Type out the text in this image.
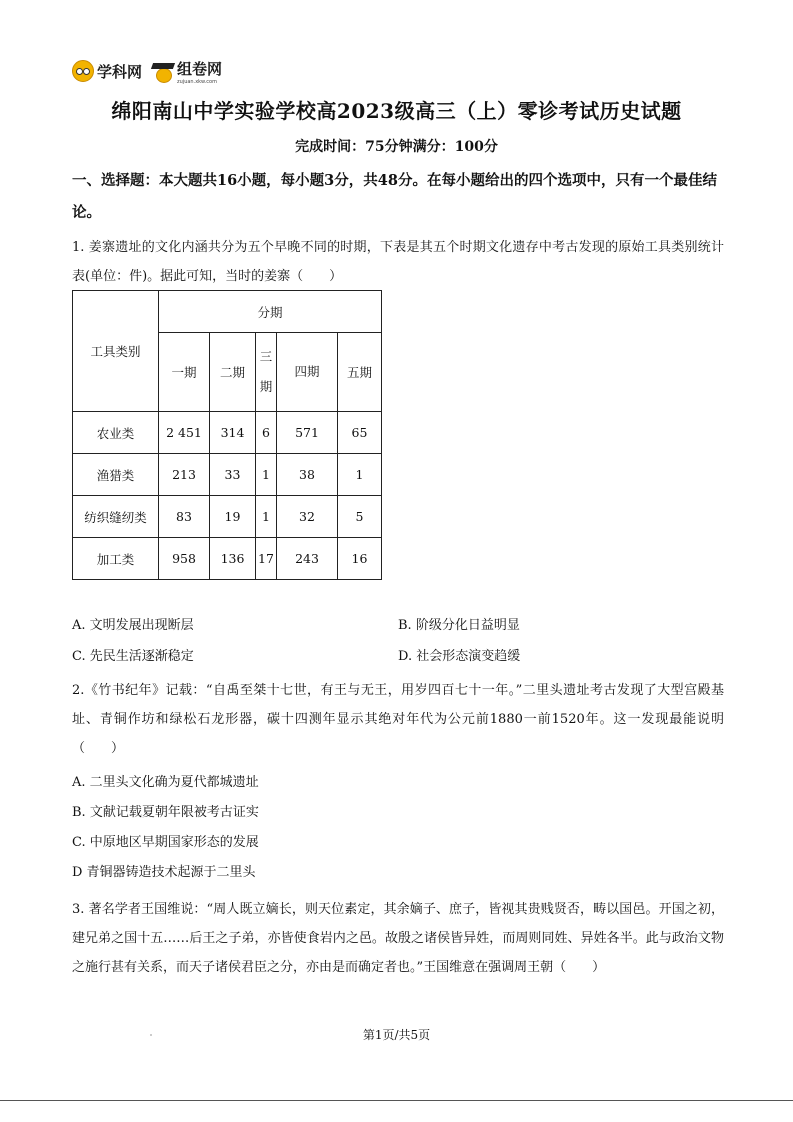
学科网 组卷网
zujuan.xkw.com
绵阳南山中学实验学校高2023级高三（上）零诊考试历史试题
完成时间：75分钟满分：100分
一、选择题：本大题共16小题，每小题3分，共48分。在每小题给出的四个选项中，只有一个最佳结论。
1. 姜寨遗址的文化内涵共分为五个早晚不同的时期，下表是其五个时期文化遗存中考古发现的原始工具类别统计表(单位：件)。据此可知，当时的姜寨（　　）
工具类别	分期				
	一期	二期	三期	四期	五期
农业类	2 451	314	6	571	65
渔猎类	213	33	1	38	1
纺织缝纫类	83	19	1	32	5
加工类	958	136	17	243	16
A. 文明发展出现断层	B. 阶级分化日益明显
C. 先民生活逐渐稳定	D. 社会形态演变趋缓
2.《竹书纪年》记载：“自禹至桀十七世，有王与无王，用岁四百七十一年。”二里头遗址考古发现了大型宫殿基址、青铜作坊和绿松石龙形器，碳十四测年显示其绝对年代为公元前1880一前1520年。这一发现最能说明（　　）
A. 二里头文化确为夏代都城遗址
B. 文献记载夏朝年限被考古证实
C. 中原地区早期国家形态的发展
D 青铜器铸造技术起源于二里头
3. 著名学者王国维说：“周人既立嫡长，则天位素定，其余嫡子、庶子，皆视其贵贱贤否，畴以国邑。开国之初，建兄弟之国十五……后王之子弟，亦皆使食岩内之邑。故殷之诸侯皆异姓，而周则同姓、异姓各半。此与政治文物之施行甚有关系，而天子诸侯君臣之分，亦由是而确定者也。”王国维意在强调周王朝（　　）
第1页/共5页
